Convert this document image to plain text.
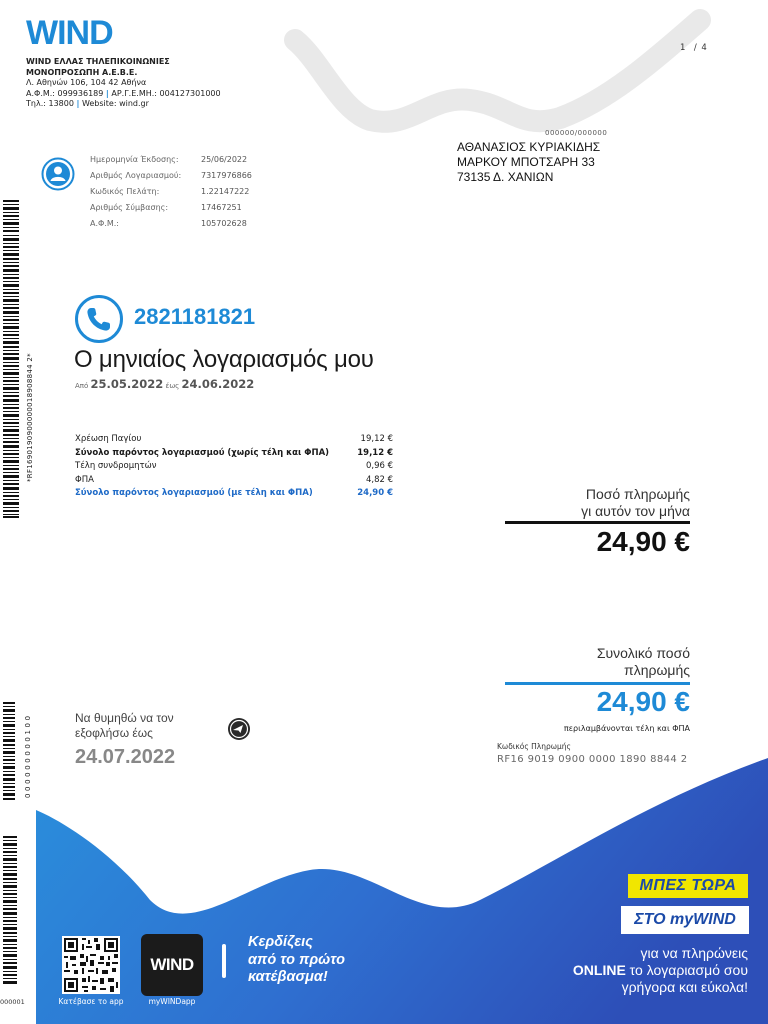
WIND
WIND ΕΛΛΑΣ ΤΗΛΕΠΙΚΟΙΝΩΝΙΕΣ
ΜΟΝΟΠΡΟΣΩΠΗ Α.Ε.Β.Ε.
Λ. Αθηνών 106, 104 42 Αθήνα
Α.Φ.Μ.: 099936189 | ΑΡ.Γ.Ε.ΜΗ.: 004127301000
Τηλ.: 13800 | Website: wind.gr
1  / 4
000000/000000
ΑΘΑΝΑΣΙΟΣ ΚΥΡΙΑΚΙΔΗΣ
ΜΑΡΚΟΥ ΜΠΟΤΣΑΡΗ 33
73135 Δ. ΧΑΝΙΩΝ
Ημερομηνία Έκδοσης:	25/06/2022
Αριθμός Λογαριασμού:	7317976866
Κωδικός Πελάτη:	1.22147222
Αριθμός Σύμβασης:	17467251
Α.Φ.Μ.:	105702628
*RF1690190900000018908844 2*
000000000100
000001
2821181821
Ο μηνιαίος λογαριασμός μου
Από 25.05.2022 έως 24.06.2022
Χρέωση Παγίου	19,12 €
Σύνολο παρόντος λογαριασμού (χωρίς τέλη και ΦΠΑ)	19,12 €
Τέλη συνδρομητών	0,96 €
ΦΠΑ	4,82 €
Σύνολο παρόντος λογαριασμού (με τέλη και ΦΠΑ)	24,90 €	Ποσό πληρωμής
γι αυτόν τον μήνα
24,90 €
Να θυμηθώ να τον
εξοφλήσω έως
24.07.2022
Συνολικό ποσό
πληρωμής
24,90 €
περιλαμβάνονται τέλη και ΦΠΑ
Κωδικός Πληρωμής
RF16 9019 0900 0000 1890 8844 2
Κατέβασε το app
WIND
myWINDapp
Κερδίζεις
από το πρώτο
κατέβασμα!
ΜΠΕΣ ΤΩΡΑ
ΣΤΟ
myWIND
για να πληρώνεις
ONLINE το λογαριασμό σου
γρήγορα και εύκολα!
